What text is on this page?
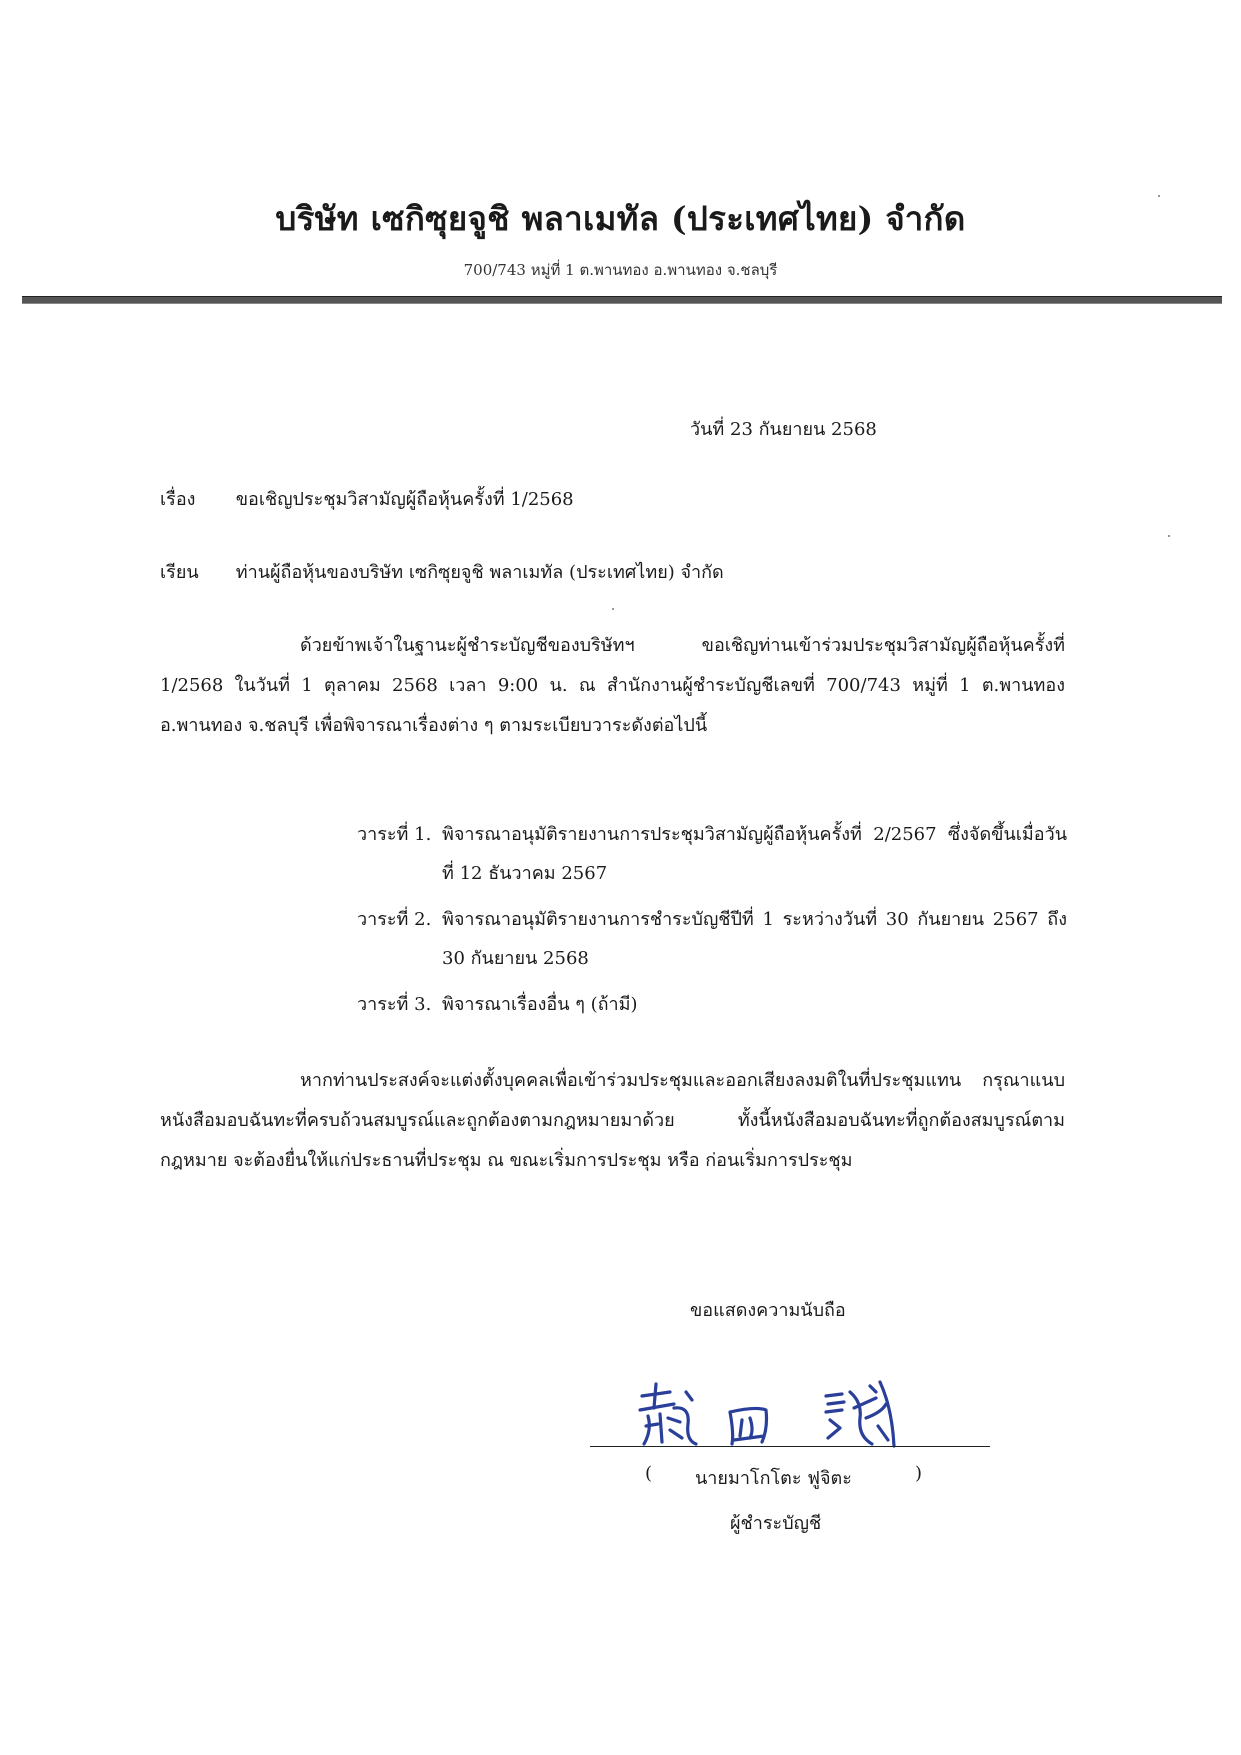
บริษัท เซกิซุยจูชิ พลาเมทัล (ประเทศไทย) จำกัด
700/743 หมู่ที่ 1 ต.พานทอง อ.พานทอง จ.ชลบุรี
วันที่ 23 กันยายน 2568
เรื่อง ขอเชิญประชุมวิสามัญผู้ถือหุ้นครั้งที่ 1/2568
เรียน ท่านผู้ถือหุ้นของบริษัท เซกิซุยจูชิ พลาเมทัล (ประเทศไทย) จำกัด
ด้วยข้าพเจ้าในฐานะผู้ชำระบัญชีของบริษัทฯ ขอเชิญท่านเข้าร่วมประชุมวิสามัญผู้ถือหุ้นครั้งที่ 1/2568 ในวันที่ 1 ตุลาคม 2568 เวลา 9:00 น. ณ สำนักงานผู้ชำระบัญชีเลขที่ 700/743 หมู่ที่ 1 ต.พานทอง อ.พานทอง จ.ชลบุรี เพื่อพิจารณาเรื่องต่าง ๆ ตามระเบียบวาระดังต่อไปนี้
วาระที่ 1. พิจารณาอนุมัติรายงานการประชุมวิสามัญผู้ถือหุ้นครั้งที่ 2/2567 ซึ่งจัดขึ้นเมื่อวันที่ 12 ธันวาคม 2567
วาระที่ 2. พิจารณาอนุมัติรายงานการชำระบัญชีปีที่ 1 ระหว่างวันที่ 30 กันยายน 2567 ถึง 30 กันยายน 2568
วาระที่ 3. พิจารณาเรื่องอื่น ๆ (ถ้ามี)
หากท่านประสงค์จะแต่งตั้งบุคคลเพื่อเข้าร่วมประชุมและออกเสียงลงมติในที่ประชุมแทน กรุณาแนบหนังสือมอบฉันทะที่ครบถ้วนสมบูรณ์และถูกต้องตามกฎหมายมาด้วย ทั้งนี้หนังสือมอบฉันทะที่ถูกต้องสมบูรณ์ตามกฎหมาย จะต้องยื่นให้แก่ประธานที่ประชุม ณ ขณะเริ่มการประชุม หรือ ก่อนเริ่มการประชุม
ขอแสดงความนับถือ
( นายมาโกโตะ ฟูจิตะ	)
ผู้ชำระบัญชี
